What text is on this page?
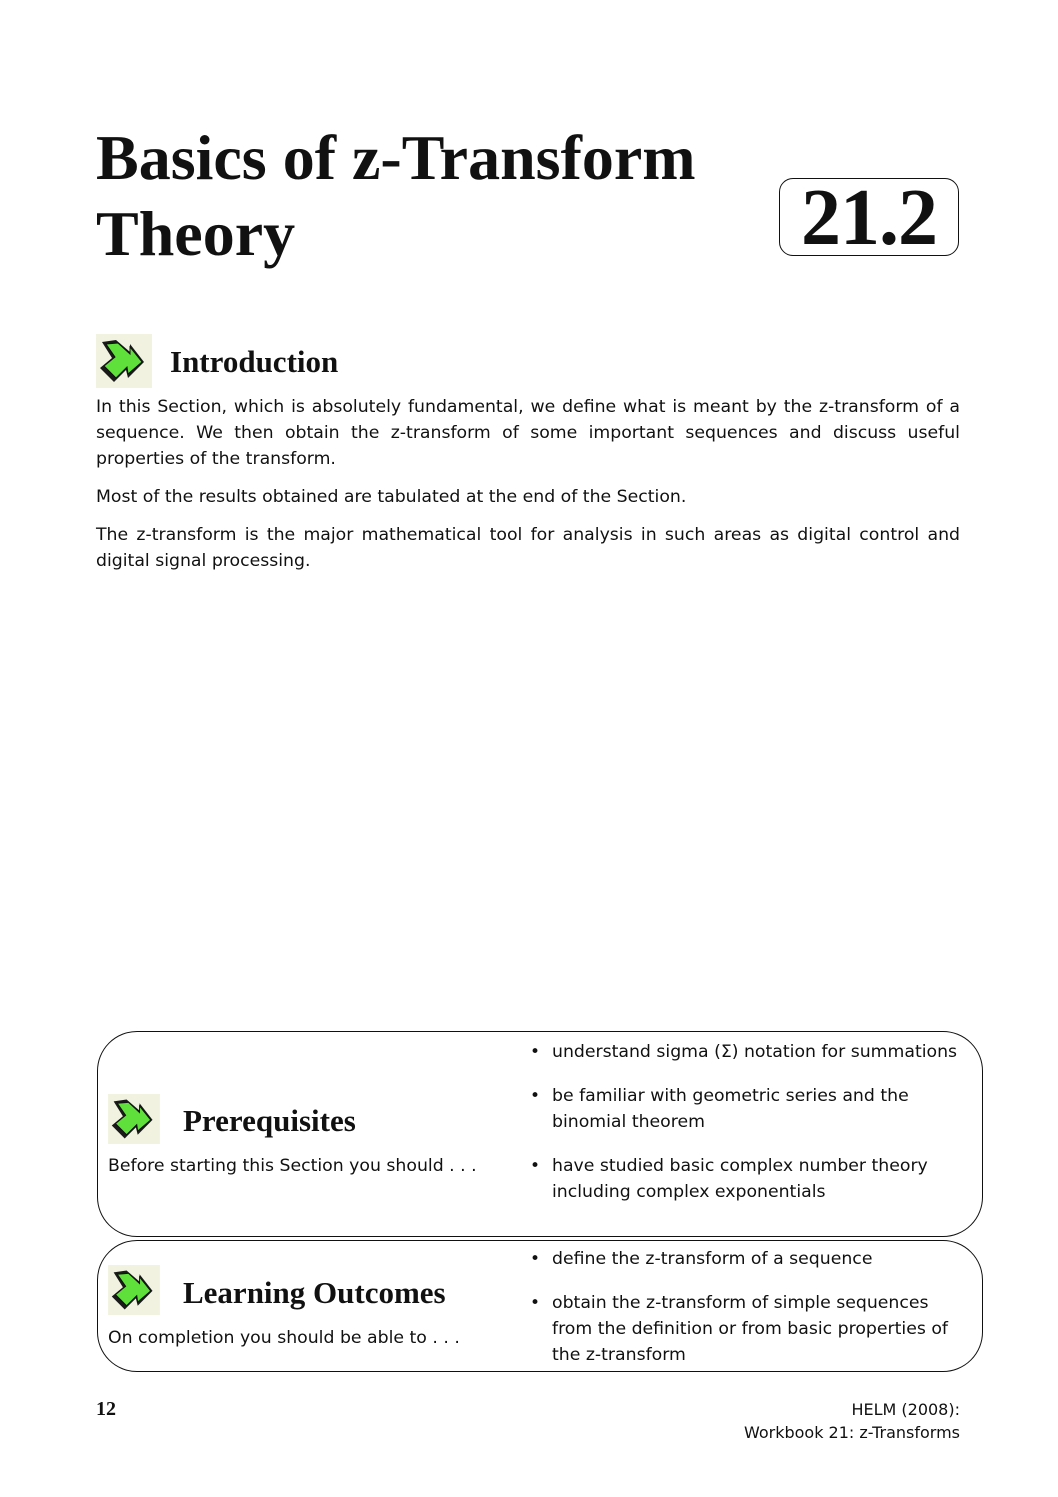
Basics of z-Transform
Theory	21.2
Introduction

In this Section, which is absolutely fundamental, we define what is meant by the z-transform of a sequence. We then obtain the z-transform of some important sequences and discuss useful properties of the transform.

Most of the results obtained are tabulated at the end of the Section.

The z-transform is the major mathematical tool for analysis in such areas as digital control and digital signal processing.

Prerequisites
Before starting this Section you should . . .
• understand sigma (Σ) notation for summations
• be familiar with geometric series and the binomial theorem
• have studied basic complex number theory including complex exponentials
Learning Outcomes
On completion you should be able to . . .
• define the z-transform of a sequence
• obtain the z-transform of simple sequences from the definition or from basic properties of the z-transform
12	HELM (2008):
Workbook 21: z-Transforms
